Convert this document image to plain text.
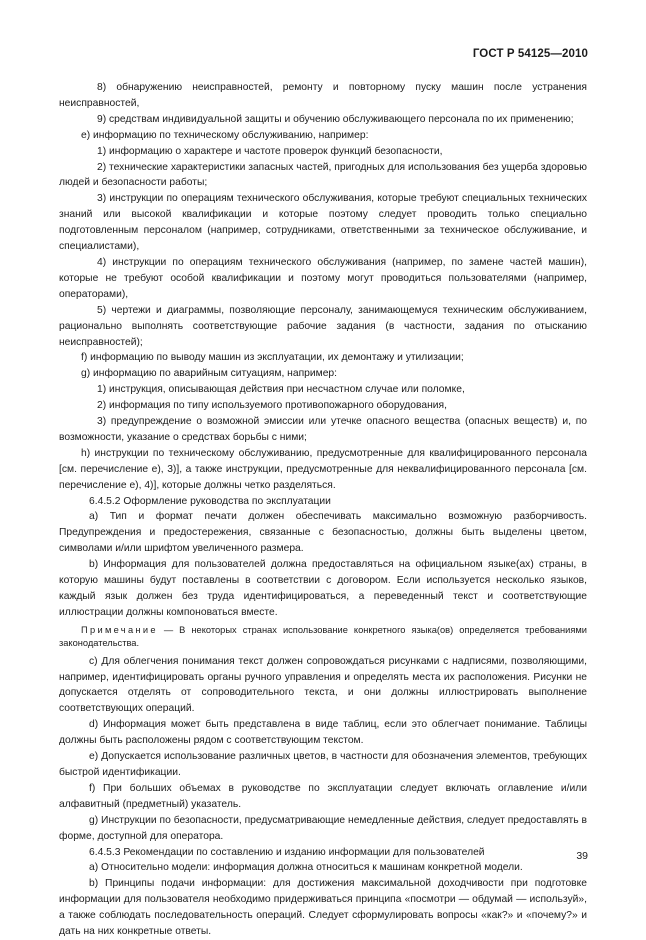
ГОСТ Р 54125—2010

8) обнаружению неисправностей, ремонту и повторному пуску машин после устранения неисправностей,

9) средствам индивидуальной защиты и обучению обслуживающего персонала по их применению;

е) информацию по техническому обслуживанию, например:

1) информацию о характере и частоте проверок функций безопасности,

2) технические характеристики запасных частей, пригодных для использования без ущерба здоровью людей и безопасности работы;

3) инструкции по операциям технического обслуживания, которые требуют специальных технических знаний или высокой квалификации и которые поэтому следует проводить только специально подготовленным персоналом (например, сотрудниками, ответственными за техническое обслуживание, и специалистами),

4) инструкции по операциям технического обслуживания (например, по замене частей машин), которые не требуют особой квалификации и поэтому могут проводиться пользователями (например, операторами),

5) чертежи и диаграммы, позволяющие персоналу, занимающемуся техническим обслуживанием, рационально выполнять соответствующие рабочие задания (в частности, задания по отысканию неисправностей);

f) информацию по выводу машин из эксплуатации, их демонтажу и утилизации;

g) информацию по аварийным ситуациям, например:

1) инструкция, описывающая действия при несчастном случае или поломке,

2) информация по типу используемого противопожарного оборудования,

3) предупреждение о возможной эмиссии или утечке опасного вещества (опасных веществ) и, по возможности, указание о средствах борьбы с ними;

h) инструкции по техническому обслуживанию, предусмотренные для квалифицированного персонала [см. перечисление е), 3)], а также инструкции, предусмотренные для неквалифицированного персонала [см. перечисление е), 4)], которые должны четко разделяться.

6.4.5.2 Оформление руководства по эксплуатации

а) Тип и формат печати должен обеспечивать максимально возможную разборчивость. Предупреждения и предостережения, связанные с безопасностью, должны быть выделены цветом, символами и/или шрифтом увеличенного размера.

b) Информация для пользователей должна предоставляться на официальном языке(ах) страны, в которую машины будут поставлены в соответствии с договором. Если используется несколько языков, каждый язык должен без труда идентифицироваться, а переведенный текст и соответствующие иллюстрации должны компоноваться вместе.

Примечание — В некоторых странах использование конкретного языка(ов) определяется требованиями законодательства.

c) Для облегчения понимания текст должен сопровождаться рисунками с надписями, позволяющими, например, идентифицировать органы ручного управления и определять места их расположения. Рисунки не допускается отделять от сопроводительного текста, и они должны иллюстрировать выполнение соответствующих операций.

d) Информация может быть представлена в виде таблиц, если это облегчает понимание. Таблицы должны быть расположены рядом с соответствующим текстом.

е) Допускается использование различных цветов, в частности для обозначения элементов, требующих быстрой идентификации.

f) При больших объемах в руководстве по эксплуатации следует включать оглавление и/или алфавитный (предметный) указатель.

g) Инструкции по безопасности, предусматривающие немедленные действия, следует предоставлять в форме, доступной для оператора.

6.4.5.3 Рекомендации по составлению и изданию информации для пользователей

а) Относительно модели: информация должна относиться к машинам конкретной модели.

b) Принципы подачи информации: для достижения максимальной доходчивости при подготовке информации для пользователя необходимо придерживаться принципа «посмотри — обдумай — используй», а также соблюдать последовательность операций. Следует сформулировать вопросы «как?» и «почему?» и дать на них конкретные ответы.

39
